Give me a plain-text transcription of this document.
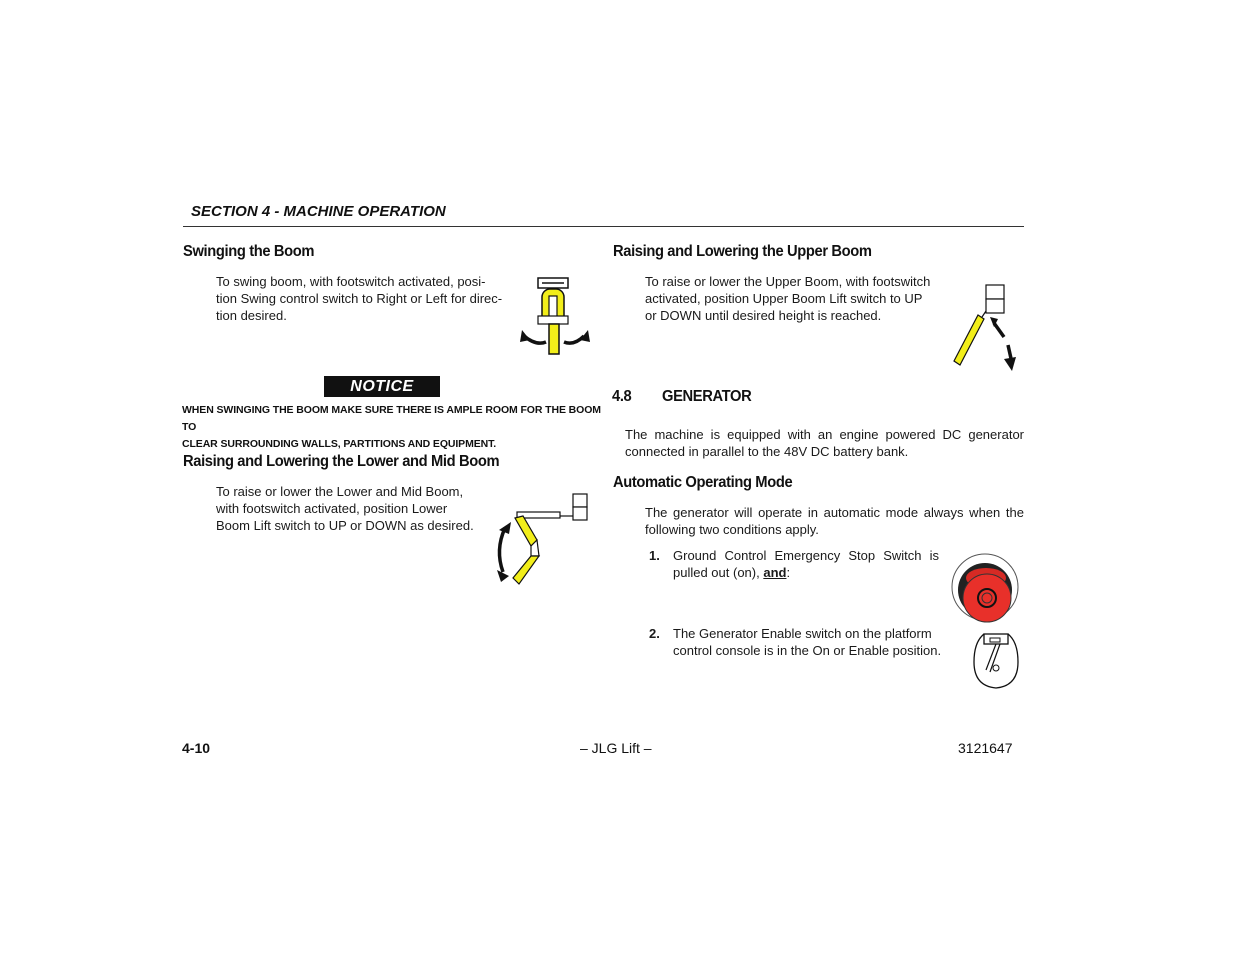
SECTION 4 - MACHINE OPERATION
Swinging the Boom
To swing boom, with footswitch activated, posi-
tion Swing control switch to Right or Left for direc-
tion desired.
NOTICE
WHEN SWINGING THE BOOM MAKE SURE THERE IS AMPLE ROOM FOR THE BOOM TO
CLEAR SURROUNDING WALLS, PARTITIONS AND EQUIPMENT.
Raising and Lowering the Lower and Mid Boom
To raise or lower the Lower and Mid Boom,
with footswitch activated, position Lower
Boom Lift switch to UP or DOWN as desired.
Raising and Lowering the Upper Boom
To raise or lower the Upper Boom, with footswitch
activated, position Upper Boom Lift switch to UP
or DOWN until desired height is reached.
4.8 GENERATOR
The machine is equipped with an engine powered DC generator
connected in parallel to the 48V DC battery bank.
Automatic Operating Mode
The generator will operate in automatic mode always when the
following two conditions apply.
1. Ground Control Emergency Stop Switch is
pulled out (on), and:
2. The Generator Enable switch on the platform
control console is in the On or Enable position.
4-10	– JLG Lift –	3121647
